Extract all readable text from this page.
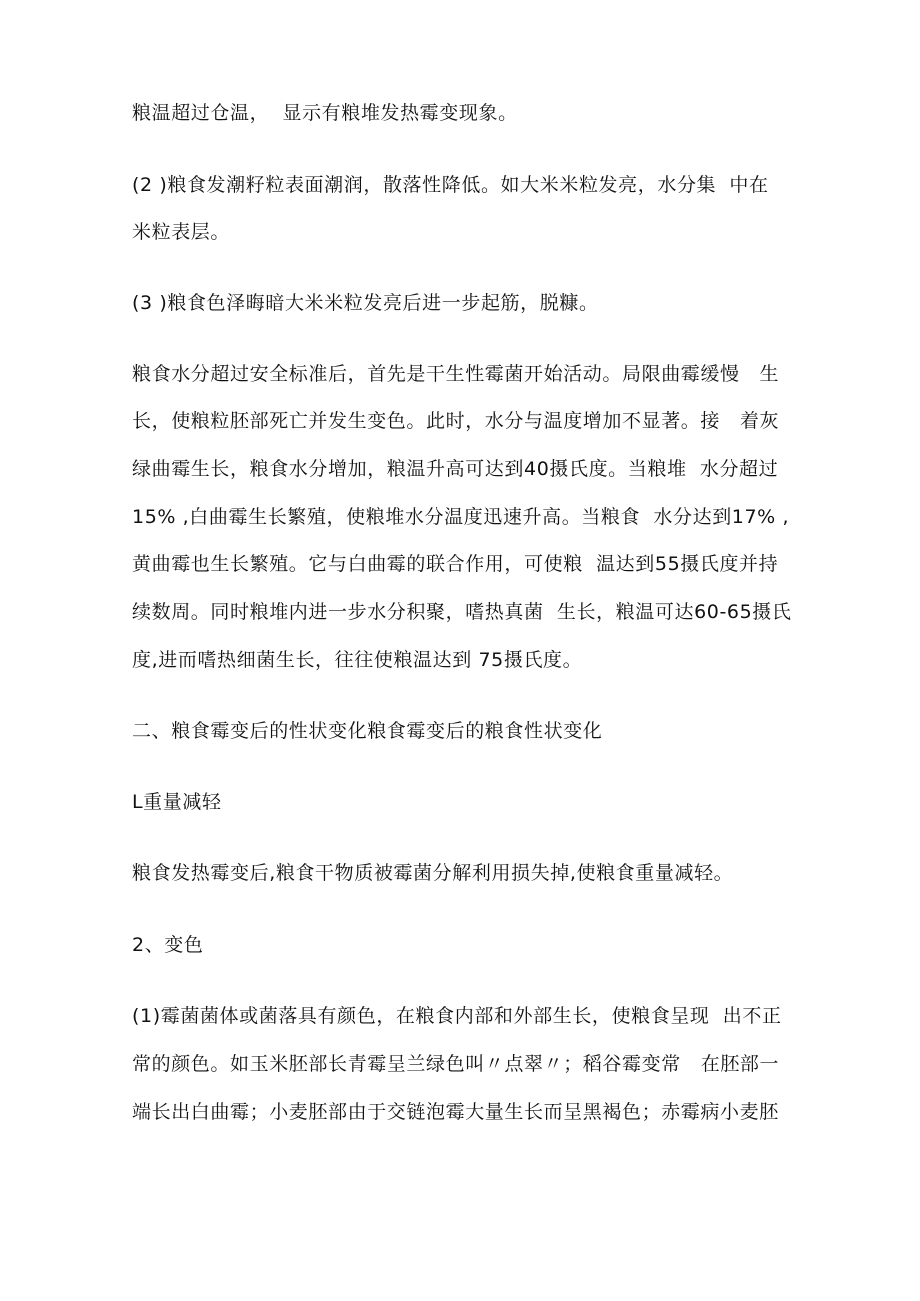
粮温超过仓温，  显示有粮堆发热霉变现象。
(2 )粮食发潮籽粒表面潮润，散落性降低。如大米米粒发亮，水分集  中在
米粒表层。
(3 )粮食色泽晦暗大米米粒发亮后进一步起筋，脱糠。
粮食水分超过安全标准后，首先是干生性霉菌开始活动。局限曲霉缓慢   生
长，使粮粒胚部死亡并发生变色。此时，水分与温度增加不显著。接   着灰
绿曲霉生长，粮食水分增加，粮温升高可达到40摄氏度。当粮堆  水分超过
15% ,白曲霉生长繁殖，使粮堆水分温度迅速升高。当粮食  水分达到17% ,
黄曲霉也生长繁殖。它与白曲霉的联合作用，可使粮  温达到55摄氏度并持
续数周。同时粮堆内进一步水分积聚，嗜热真菌  生长，粮温可达60-65摄氏
度,进而嗜热细菌生长，往往使粮温达到 75摄氏度。
二、粮食霉变后的性状变化粮食霉变后的粮食性状变化
L重量减轻
粮食发热霉变后,粮食干物质被霉菌分解利用损失掉,使粮食重量减轻。
2、变色
(1)霉菌菌体或菌落具有颜色，在粮食内部和外部生长，使粮食呈现  出不正
常的颜色。如玉米胚部长青霉呈兰绿色叫〃点翠〃；稻谷霉变常   在胚部一
端长出白曲霉；小麦胚部由于交链泡霉大量生长而呈黑褐色；赤霉病小麦胚
